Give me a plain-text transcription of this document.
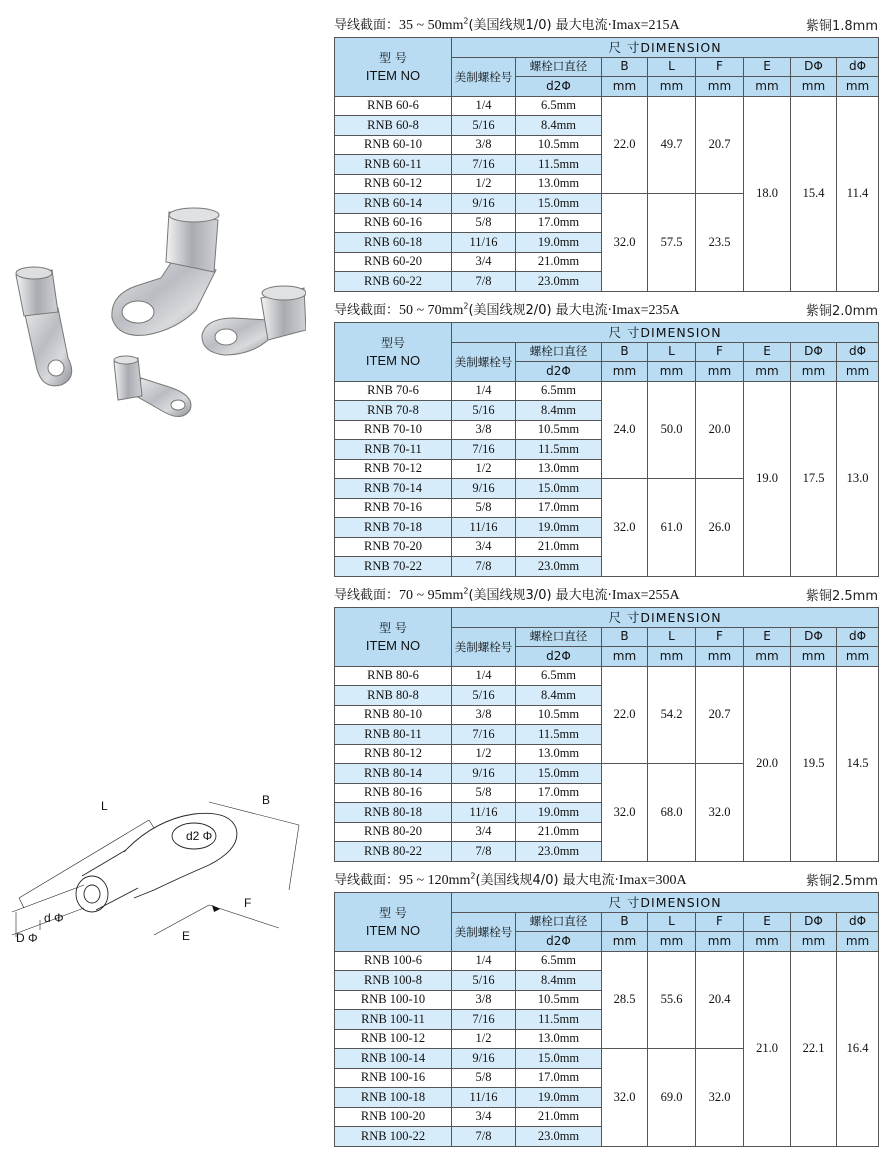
L	B
d2 Φ
d Φ
D Φ
F
E
导线截面：35 ~ $50mm^2$(美国线规1/0) 最大电流·Imax=215A	紫铜1.8mm
型 号
ITEM NO	尺 寸DIMENSION							
	美制螺栓号	螺栓口直径	B	L	F	E	DΦ	dΦ
		d2Φ	mm	mm	mm	mm	mm	mm
RNB 60-6	1/4	6.5mm	22.0	49.7	20.7	18.0	15.4	11.4
RNB 60-8	5/16	8.4mm						
RNB 60-10	3/8	10.5mm						
RNB 60-11	7/16	11.5mm						
RNB 60-12	1/2	13.0mm						
RNB 60-14	9/16	15.0mm	32.0	57.5	23.5			
RNB 60-16	5/8	17.0mm						
RNB 60-18	11/16	19.0mm						
RNB 60-20	3/4	21.0mm						
RNB 60-22	7/8	23.0mm						
导线截面：50 ~ $70mm^2$(美国线规2/0) 最大电流·Imax=235A	紫铜2.0mm
型号
ITEM NO	尺 寸DIMENSION							
	美制螺栓号	螺栓口直径	B	L	F	E	DΦ	dΦ
		d2Φ	mm	mm	mm	mm	mm	mm
RNB 70-6	1/4	6.5mm	24.0	50.0	20.0	19.0	17.5	13.0
RNB 70-8	5/16	8.4mm						
RNB 70-10	3/8	10.5mm						
RNB 70-11	7/16	11.5mm						
RNB 70-12	1/2	13.0mm						
RNB 70-14	9/16	15.0mm	32.0	61.0	26.0			
RNB 70-16	5/8	17.0mm						
RNB 70-18	11/16	19.0mm						
RNB 70-20	3/4	21.0mm						
RNB 70-22	7/8	23.0mm						
导线截面：70 ~ $95mm^2$(美国线规3/0) 最大电流·Imax=255A	紫铜2.5mm
型 号
ITEM NO	尺 寸DIMENSION							
	美制螺栓号	螺栓口直径	B	L	F	E	DΦ	dΦ
		d2Φ	mm	mm	mm	mm	mm	mm
RNB 80-6	1/4	6.5mm	22.0	54.2	20.7	20.0	19.5	14.5
RNB 80-8	5/16	8.4mm						
RNB 80-10	3/8	10.5mm						
RNB 80-11	7/16	11.5mm						
RNB 80-12	1/2	13.0mm						
RNB 80-14	9/16	15.0mm	32.0	68.0	32.0			
RNB 80-16	5/8	17.0mm						
RNB 80-18	11/16	19.0mm						
RNB 80-20	3/4	21.0mm						
RNB 80-22	7/8	23.0mm						
导线截面：95 ~ $120mm^2$(美国线规4/0) 最大电流·Imax=300A	紫铜2.5mm
型 号
ITEM NO	尺 寸DIMENSION							
	美制螺栓号	螺栓口直径	B	L	F	E	DΦ	dΦ
		d2Φ	mm	mm	mm	mm	mm	mm
RNB 100-6	1/4	6.5mm	28.5	55.6	20.4	21.0	22.1	16.4
RNB 100-8	5/16	8.4mm						
RNB 100-10	3/8	10.5mm						
RNB 100-11	7/16	11.5mm						
RNB 100-12	1/2	13.0mm						
RNB 100-14	9/16	15.0mm	32.0	69.0	32.0			
RNB 100-16	5/8	17.0mm						
RNB 100-18	11/16	19.0mm						
RNB 100-20	3/4	21.0mm						
RNB 100-22	7/8	23.0mm						
